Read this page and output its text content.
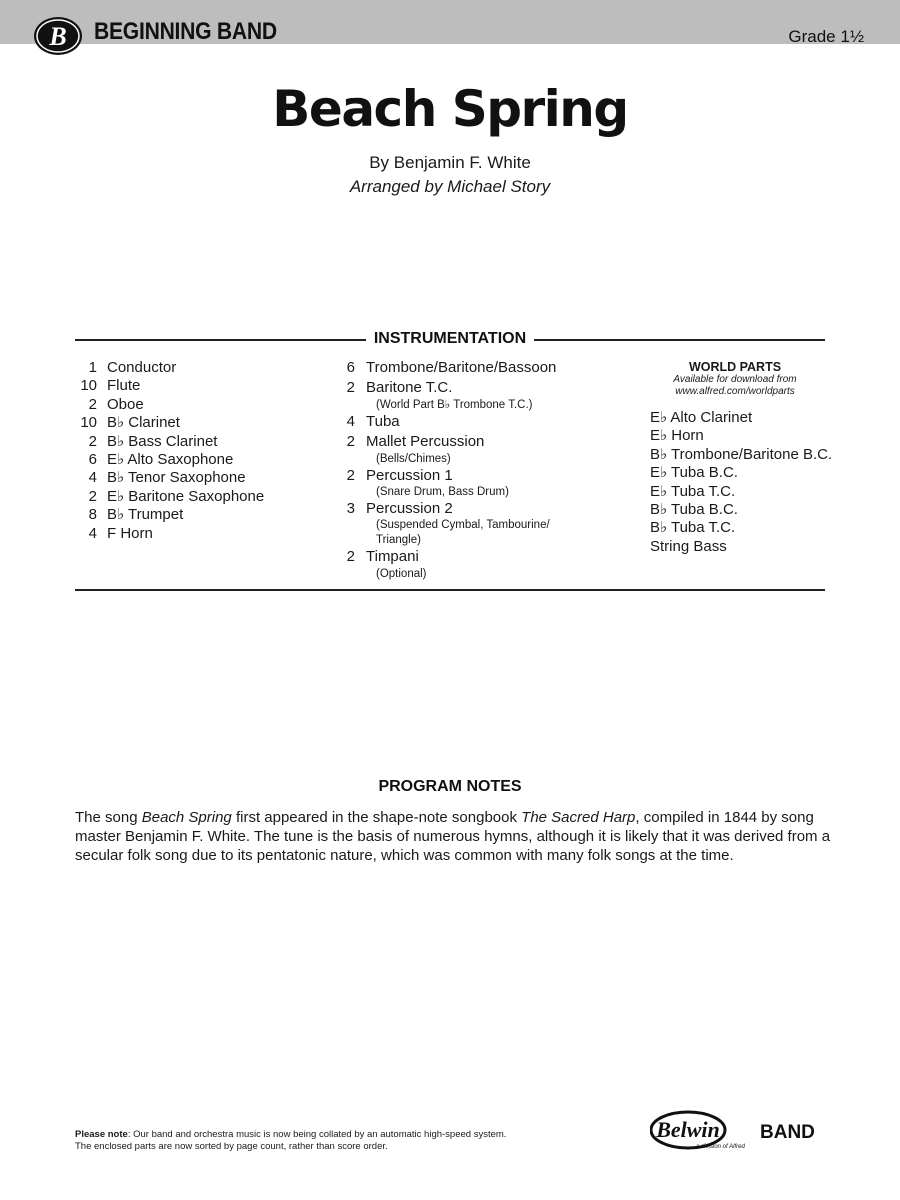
B BEGINNING BAND	Grade 1½
Beach Spring
By Benjamin F. White
Arranged by Michael Story
INSTRUMENTATION
1 Conductor
10 Flute
2 Oboe
10 B♭ Clarinet
2 B♭ Bass Clarinet
6 E♭ Alto Saxophone
4 B♭ Tenor Saxophone
2 E♭ Baritone Saxophone
8 B♭ Trumpet
4 F Horn
6 Trombone/Baritone/Bassoon
2 Baritone T.C.
(World Part B♭ Trombone T.C.)
4 Tuba
2 Mallet Percussion
(Bells/Chimes)
2 Percussion 1
(Snare Drum, Bass Drum)
3 Percussion 2
(Suspended Cymbal, Tambourine/
Triangle)
2 Timpani
(Optional)
WORLD PARTS
Available for download from
www.alfred.com/worldparts
E♭ Alto Clarinet
E♭ Horn
B♭ Trombone/Baritone B.C.
E♭ Tuba B.C.
E♭ Tuba T.C.
B♭ Tuba B.C.
B♭ Tuba T.C.
String Bass
PROGRAM NOTES
The song Beach Spring first appeared in the shape-note songbook The Sacred Harp, compiled in 1844 by song master Benjamin F. White. The tune is the basis of numerous hymns, although it is likely that it was derived from a secular folk song due to its pentatonic nature, which was common with many folk songs at the time.
Please note: Our band and orchestra music is now being collated by an automatic high-speed system.
The enclosed parts are now sorted by page count, rather than score order.
Belwin BAND
a division of Alfred
